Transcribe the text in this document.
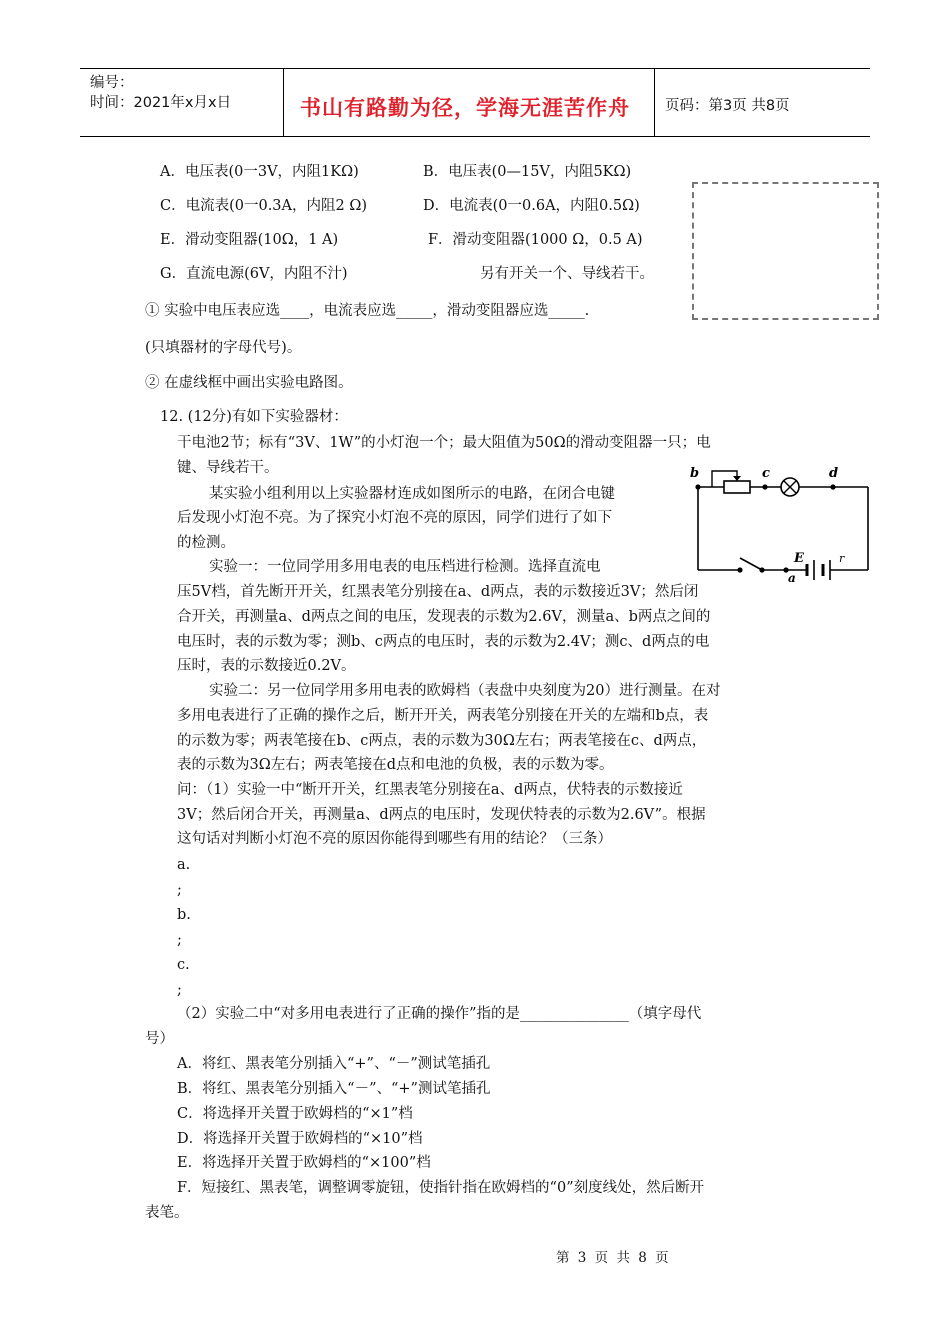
编号：
时间：2021年x月x日	书山有路勤为径，学海无涯苦作舟 页码：第3页 共8页
A．电压表(0一3V，内阻1KΩ)	B．电压表(0—15V，内阻5KΩ)
C．电流表(0一0.3A，内阻2 Ω)	D．电流表(0一0.6A，内阻0.5Ω)
E．滑动变阻器(10Ω，1 A)	F．滑动变阻器(1000 Ω，0.5 A)
G．直流电源(6V，内阻不汁)	另有开关一个、导线若干。
① 实验中电压表应选____，电流表应选_____，滑动变阻器应选_____.
(只填器材的字母代号)。
② 在虚线框中画出实验电路图。
12. (12分)有如下实验器材：
干电池2节；标有“3V、1W”的小灯泡一个；最大阻值为50Ω的滑动变阻器一只；电
键、导线若干。
某实验小组利用以上实验器材连成如图所示的电路，在闭合电键
后发现小灯泡不亮。为了探究小灯泡不亮的原因，同学们进行了如下
的检测。
实验一：一位同学用多用电表的电压档进行检测。选择直流电
压5V档，首先断开开关，红黑表笔分别接在a、d两点，表的示数接近3V；然后闭
合开关，再测量a、d两点之间的电压，发现表的示数为2.6V，测量a、b两点之间的
电压时，表的示数为零；测b、c两点的电压时，表的示数为2.4V；测c、d两点的电
压时，表的示数接近0.2V。
实验二：另一位同学用多用电表的欧姆档（表盘中央刻度为20）进行测量。在对
多用电表进行了正确的操作之后，断开开关，两表笔分别接在开关的左端和b点，表
的示数为零；两表笔接在b、c两点，表的示数为30Ω左右；两表笔接在c、d两点，
表的示数为3Ω左右；两表笔接在d点和电池的负极，表的示数为零。
问：（1）实验一中“断开开关，红黑表笔分别接在a、d两点，伏特表的示数接近
3V；然后闭合开关，再测量a、d两点的电压时，发现伏特表的示数为2.6V”。根据
这句话对判断小灯泡不亮的原因你能得到哪些有用的结论？（三条）
a.
;
b.
;
c.
;
（2）实验二中“对多用电表进行了正确的操作”指的是_______________（填字母代
号）
A．将红、黑表笔分别插入“+”、“－”测试笔插孔
B．将红、黑表笔分别插入“－”、“+”测试笔插孔
C．将选择开关置于欧姆档的“×1”档
D．将选择开关置于欧姆档的“×10”档
E．将选择开关置于欧姆档的“×100”档
F．短接红、黑表笔，调整调零旋钮，使指针指在欧姆档的“0”刻度线处，然后断开
表笔。
b	c	d
E
a
r
第 3 页 共 8 页
